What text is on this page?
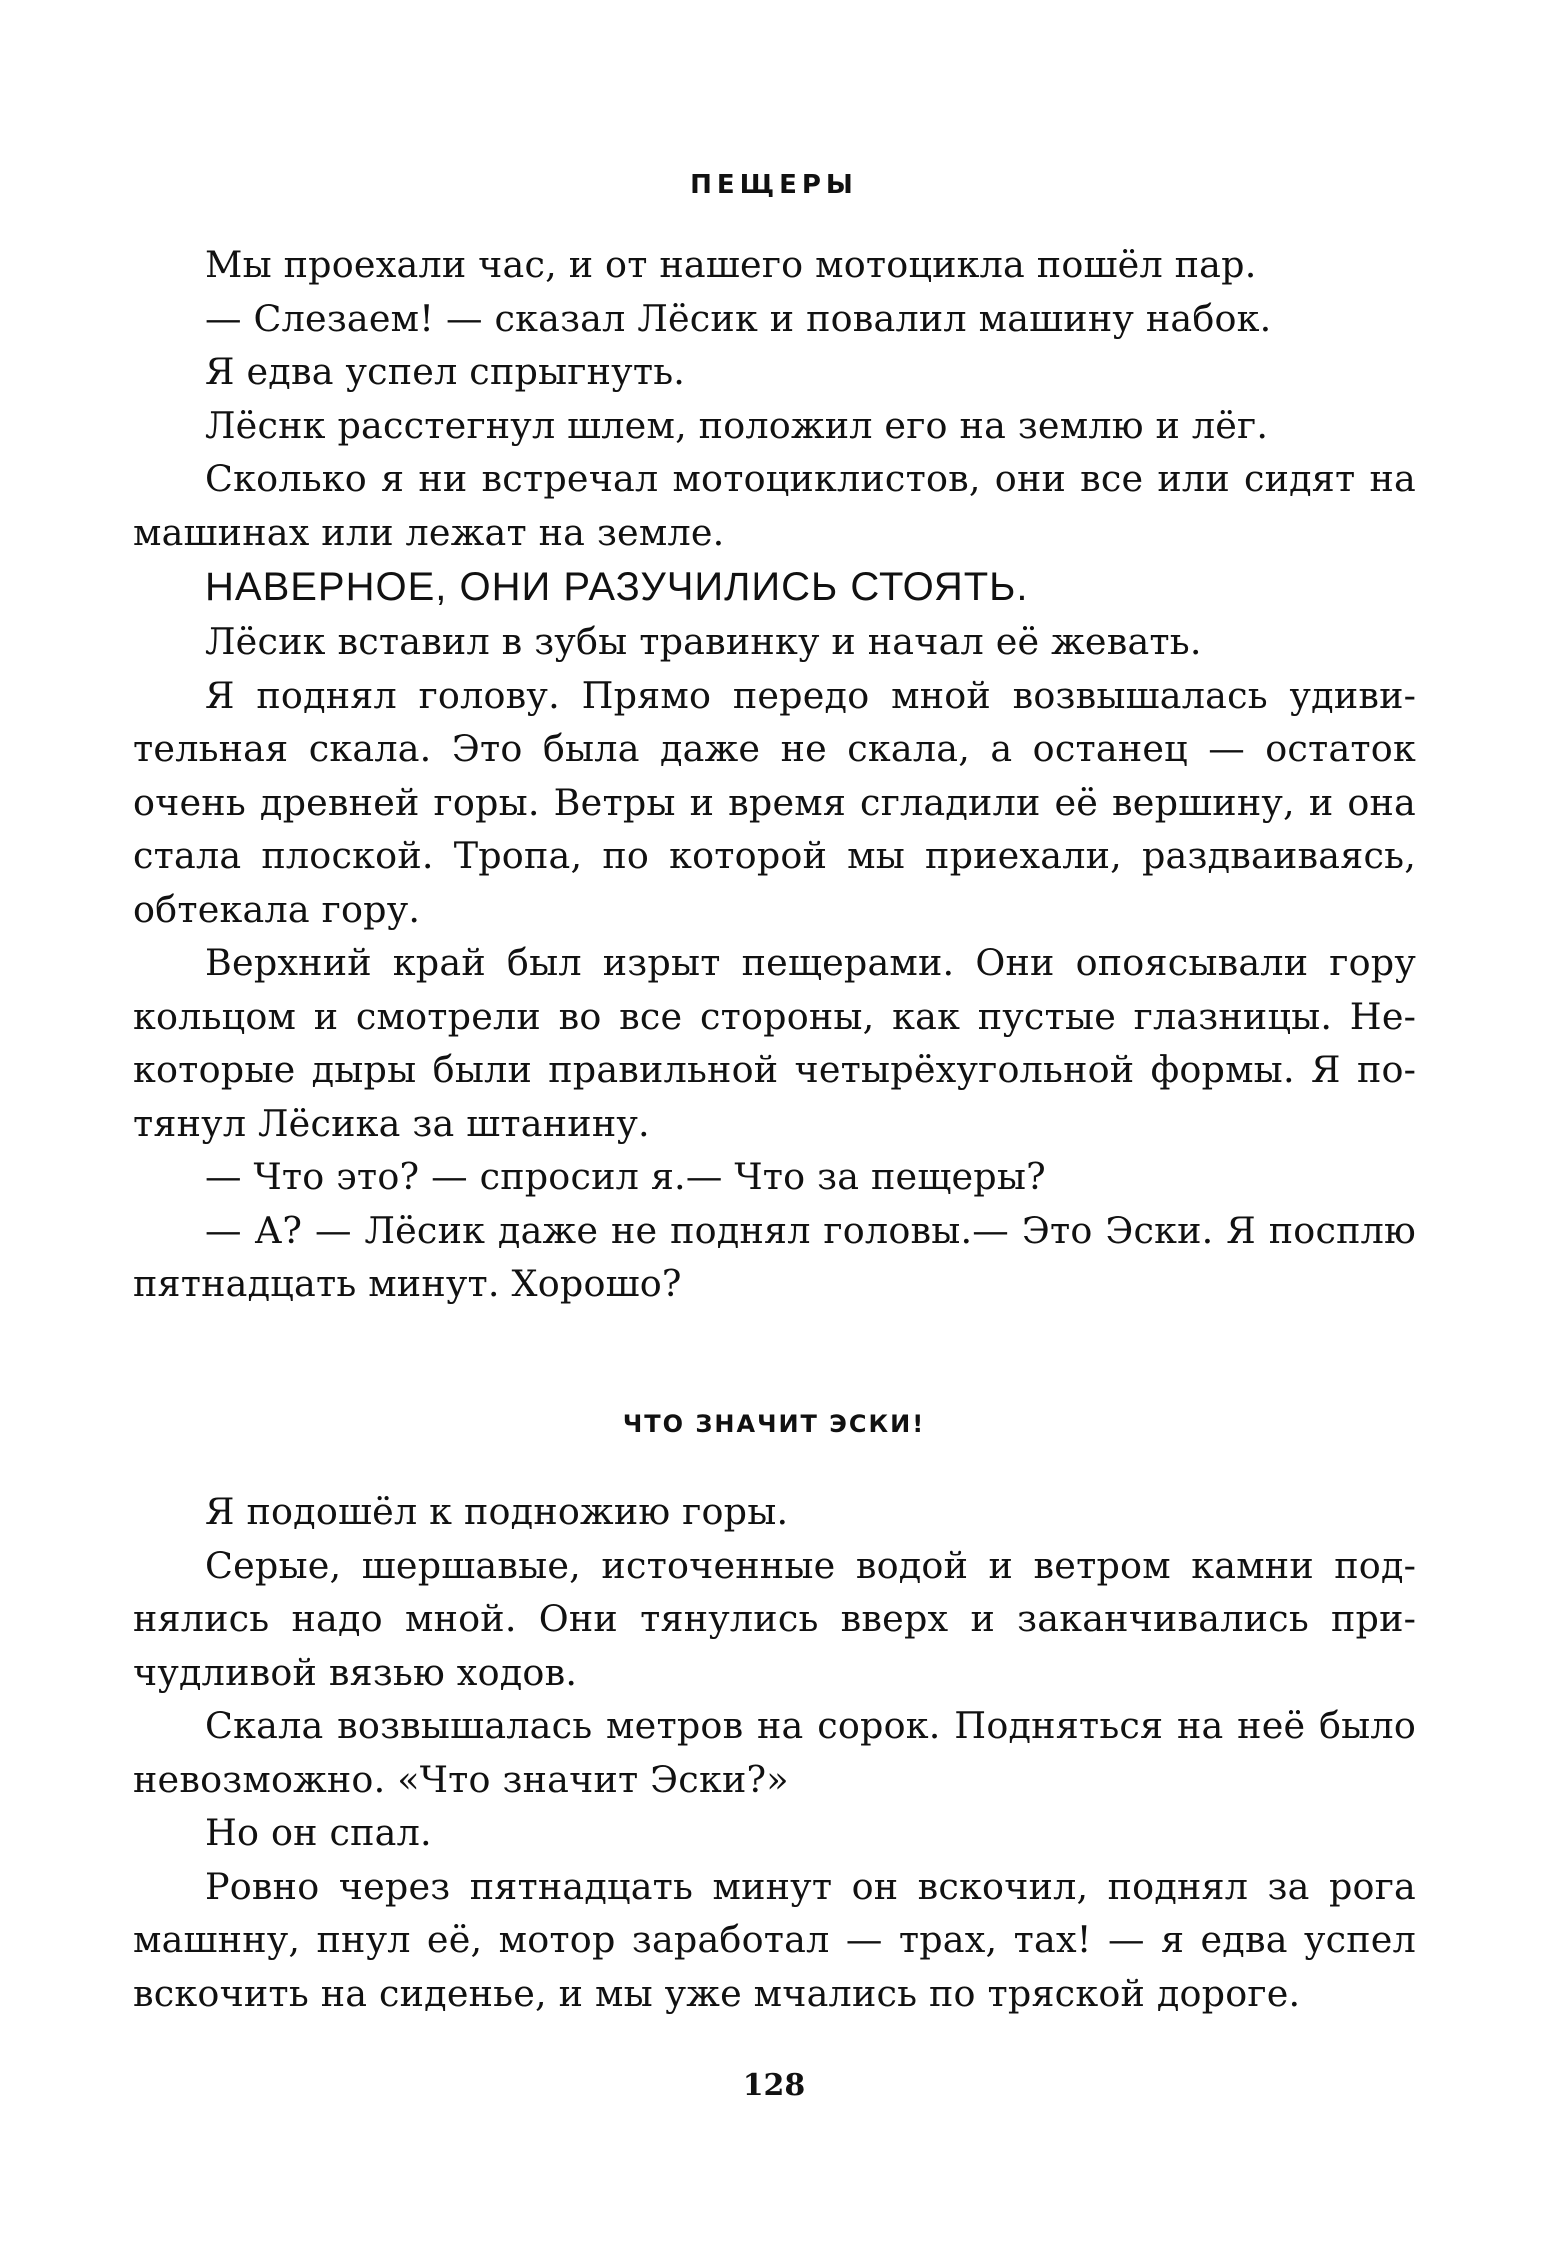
ПЕЩЕРЫ

Мы проехали час, и от нашего мотоцикла пошёл пар.

— Слезаем! — сказал Лёсик и повалил машину набок.

Я едва успел спрыгнуть.

Лёснк расстегнул шлем, положил его на землю и лёг.

Сколько я ни встречал мотоциклистов, они все или сидят на машинах или лежат на земле.

НАВЕРНОЕ, ОНИ РАЗУЧИЛИСЬ СТОЯТЬ.

Лёсик вставил в зубы травинку и начал её жевать.

Я поднял голову. Прямо передо мной возвышалась удивительная скала. Это была даже не скала, а останец — остаток очень древней горы. Ветры и время сгладили её вершину, и она стала плоской. Тропа, по которой мы приехали, раздваиваясь, обтекала гору.

Верхний край был изрыт пещерами. Они опоясывали гору кольцом и смотрели во все стороны, как пустые глазницы. Некоторые дыры были правильной четырёхугольной формы. Я потянул Лёсика за штанину.

— Что это? — спросил я.— Что за пещеры?

— А? — Лёсик даже не поднял головы.— Это Эски. Я посплю пятнадцать минут. Хорошо?

ЧТО ЗНАЧИТ ЭСКИ!

Я подошёл к подножию горы.

Серые, шершавые, источенные водой и ветром камни поднялись надо мной. Они тянулись вверх и заканчивались причудливой вязью ходов.

Скала возвышалась метров на сорок. Подняться на неё было невозможно. «Что значит Эски?»

Но он спал.

Ровно через пятнадцать минут он вскочил, поднял за рога машнну, пнул её, мотор заработал — трах, тах! — я едва успел вскочить на сиденье, и мы уже мчались по тряской дороге.

128
